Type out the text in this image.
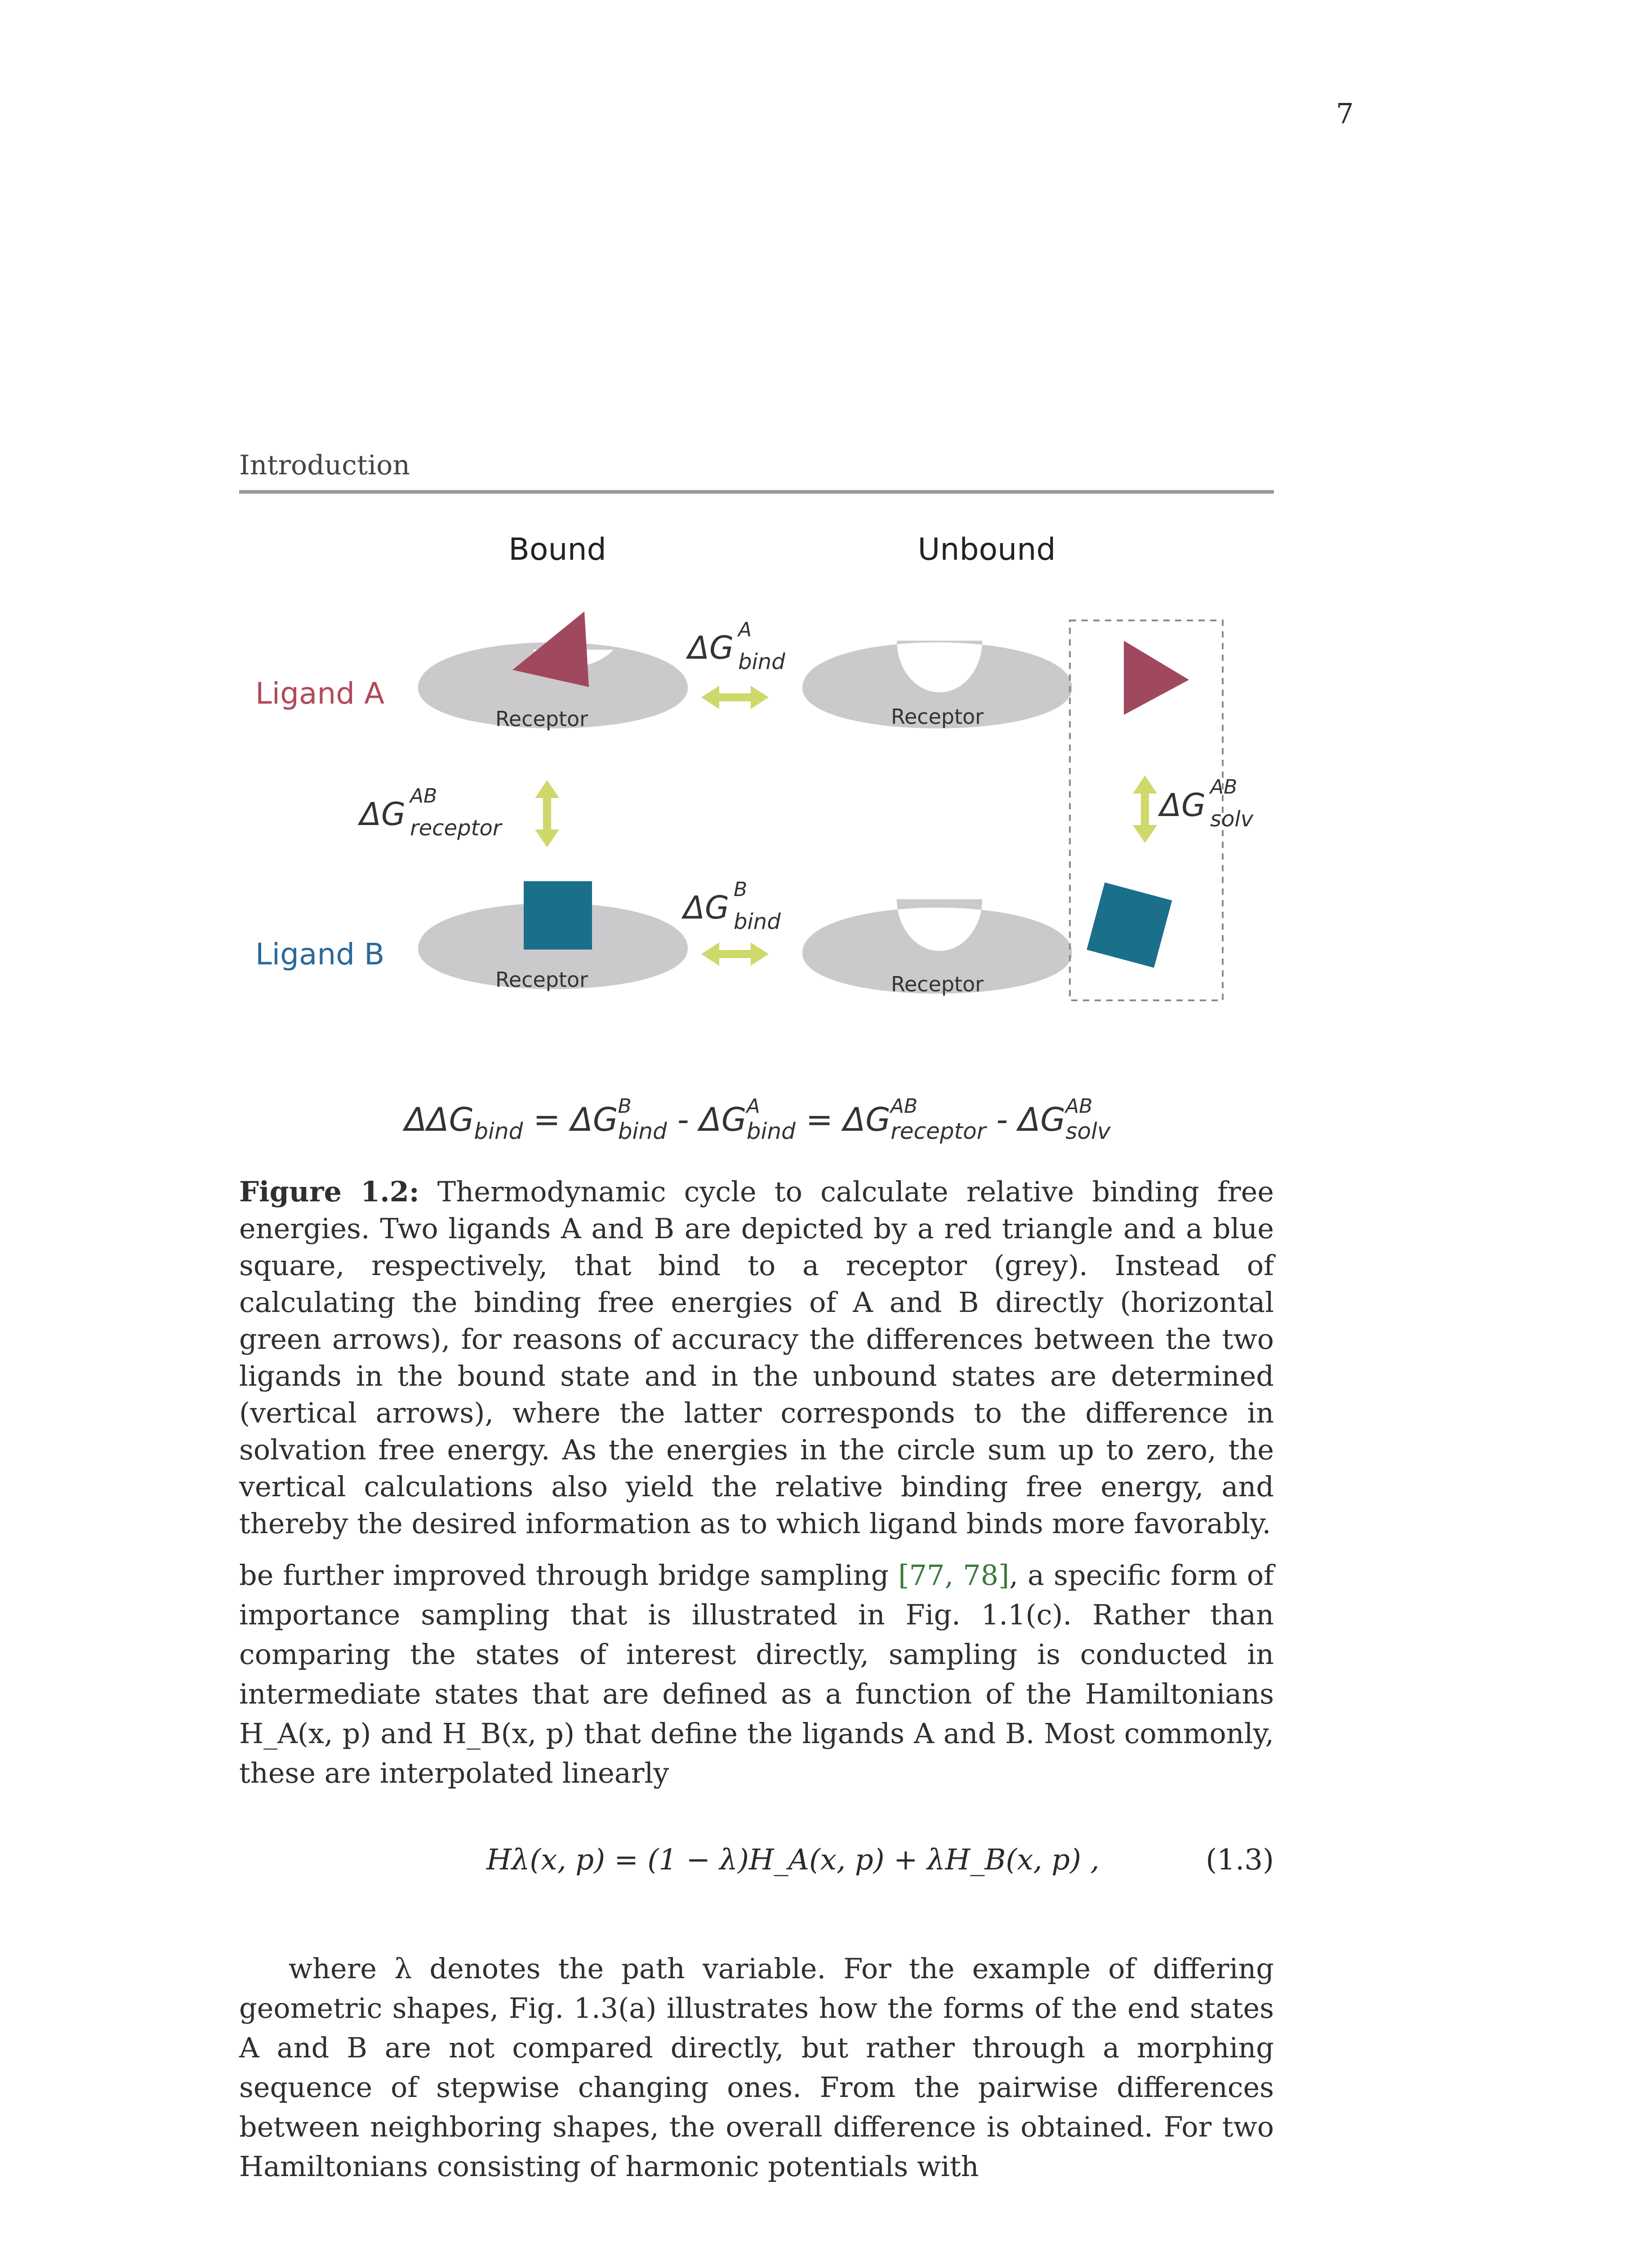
7
Introduction
Bound	Unbound
Ligand A
Ligand B
Receptor	Receptor
Receptor	Receptor
ΔG A
bind
ΔG B
bind
ΔG AB
receptor
ΔG AB
solv
$\Delta\Delta G_{bind} = \Delta G^B$ bind - $\Delta G^A$ bind = $\Delta G^{AB}$ receptor - $\Delta G^{AB}$ solv
Figure 1.2: Thermodynamic cycle to calculate relative binding free energies. Two ligands A and B are depicted by a red triangle and a blue square, respectively, that bind to a receptor (grey). Instead of calculating the binding free energies of A and B directly (horizontal green arrows), for reasons of accuracy the differences between the two ligands in the bound state and in the unbound states are determined (vertical arrows), where the latter corresponds to the difference in solvation free energy. As the energies in the circle sum up to zero, the vertical calculations also yield the relative binding free energy, and thereby the desired information as to which ligand binds more favorably.
be further improved through bridge sampling [77, 78], a specific form of importance sampling that is illustrated in Fig. 1.1(c). Rather than comparing the states of interest directly, sampling is conducted in intermediate states that are defined as a function of the Hamiltonians H_A(x, p) and H_B(x, p) that define the ligands A and B. Most commonly, these are interpolated linearly
Hλ(x, p) = (1 − λ)H_A(x, p) + λH_B(x, p) ,	(1.3)
where λ denotes the path variable. For the example of differing geometric shapes, Fig. 1.3(a) illustrates how the forms of the end states A and B are not compared directly, but rather through a morphing sequence of stepwise changing ones. From the pairwise differences between neighboring shapes, the overall difference is obtained. For two Hamiltonians consisting of harmonic potentials with
